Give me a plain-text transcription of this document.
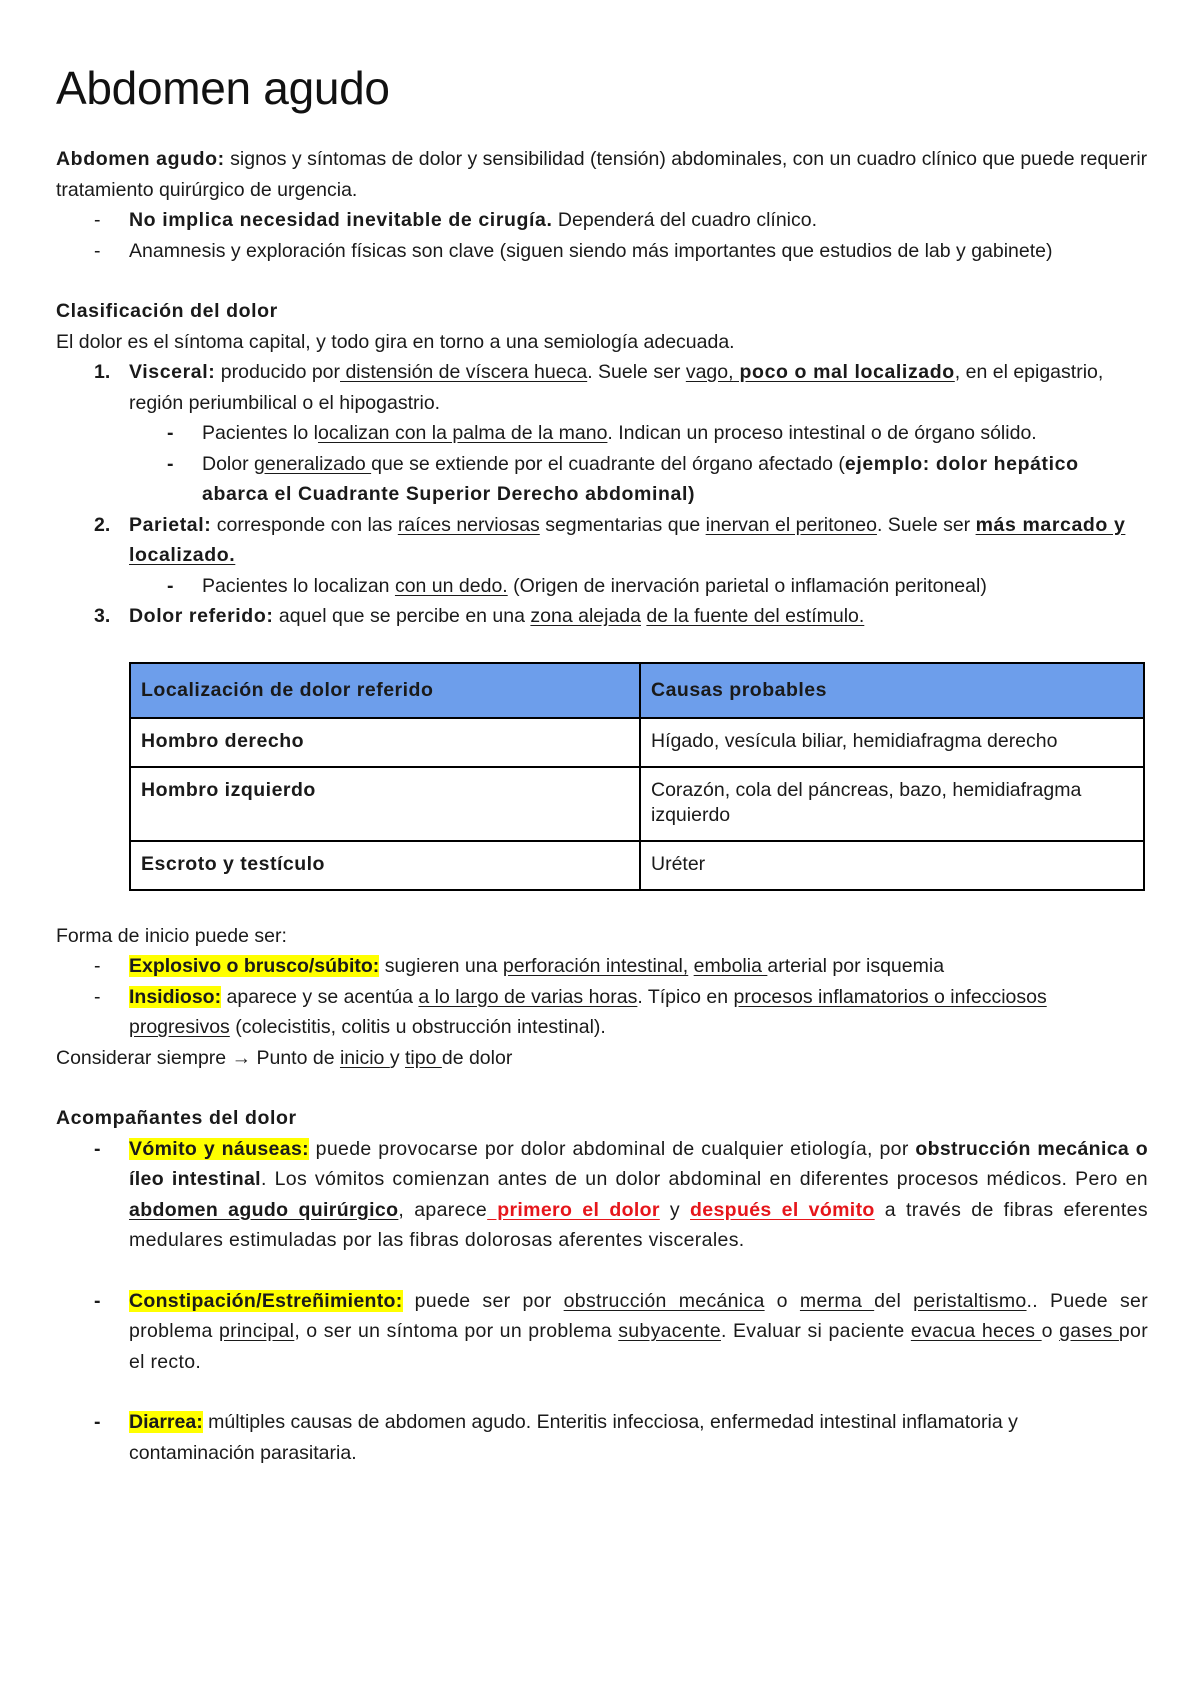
Abdomen agudo

Abdomen agudo: signos y síntomas de dolor y sensibilidad (tensión) abdominales, con un cuadro clínico que puede requerir tratamiento quirúrgico de urgencia.

- No implica necesidad inevitable de cirugía. Dependerá del cuadro clínico.
- Anamnesis y exploración físicas son clave (siguen siendo más importantes que estudios de lab y gabinete)

Clasificación del dolor

El dolor es el síntoma capital, y todo gira en torno a una semiología adecuada.

1. Visceral: producido por distensión de víscera hueca. Suele ser vago, poco o mal localizado, en el epigastrio, región periumbilical o el hipogastrio.
- Pacientes lo localizan con la palma de la mano. Indican un proceso intestinal o de órgano sólido.
- Dolor generalizado que se extiende por el cuadrante del órgano afectado (ejemplo: dolor hepático abarca el Cuadrante Superior Derecho abdominal)
2. Parietal: corresponde con las raíces nerviosas segmentarias que inervan el peritoneo. Suele ser más marcado y localizado.
- Pacientes lo localizan con un dedo. (Origen de inervación parietal o inflamación peritoneal)
3. Dolor referido: aquel que se percibe en una zona alejada de la fuente del estímulo.
Localización de dolor referido	Causas probables
Hombro derecho	Hígado, vesícula biliar, hemidiafragma derecho
Hombro izquierdo	Corazón, cola del páncreas, bazo, hemidiafragma izquierdo
Escroto y testículo	Uréter

Forma de inicio puede ser:

- Explosivo o brusco/súbito: sugieren una perforación intestinal, embolia arterial por isquemia
- Insidioso: aparece y se acentúa a lo largo de varias horas. Típico en procesos inflamatorios o infecciosos progresivos (colecistitis, colitis u obstrucción intestinal).

Considerar siempre → Punto de inicio y tipo de dolor

Acompañantes del dolor

- Vómito y náuseas: puede provocarse por dolor abdominal de cualquier etiología, por obstrucción mecánica o íleo intestinal. Los vómitos comienzan antes de un dolor abdominal en diferentes procesos médicos. Pero en abdomen agudo quirúrgico, aparece primero el dolor y después el vómito a través de fibras eferentes medulares estimuladas por las fibras dolorosas aferentes viscerales.
- Constipación/Estreñimiento: puede ser por obstrucción mecánica o merma del peristaltismo.. Puede ser problema principal, o ser un síntoma por un problema subyacente. Evaluar si paciente evacua heces o gases por el recto.
- Diarrea: múltiples causas de abdomen agudo. Enteritis infecciosa, enfermedad intestinal inflamatoria y contaminación parasitaria.
